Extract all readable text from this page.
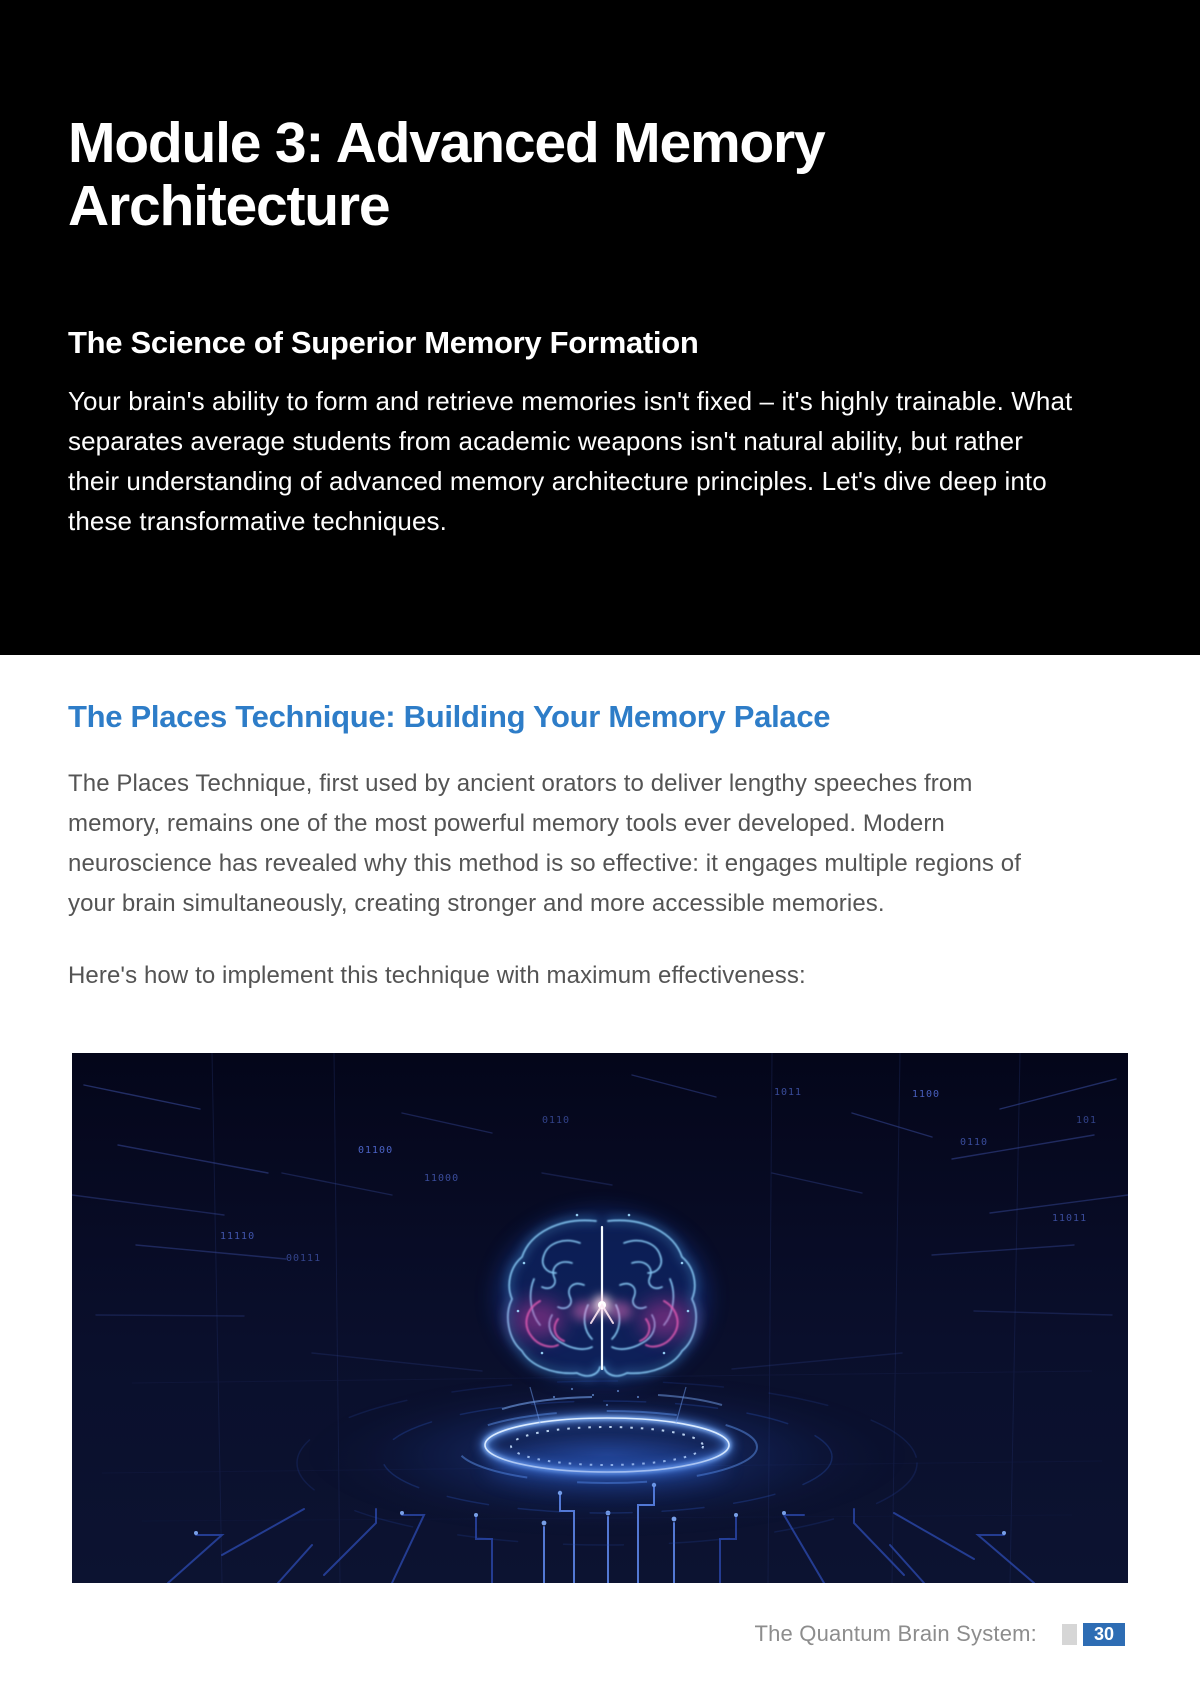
Module 3: Advanced Memory Architecture
The Science of Superior Memory Formation

Your brain's ability to form and retrieve memories isn't fixed – it's highly trainable. What separates average students from academic weapons isn't natural ability, but rather their understanding of advanced memory architecture principles. Let's dive deep into these transformative techniques.

The Places Technique: Building Your Memory Palace

The Places Technique, first used by ancient orators to deliver lengthy speeches from memory, remains one of the most powerful memory tools ever developed. Modern neuroscience has revealed why this method is so effective: it engages multiple regions of your brain simultaneously, creating stronger and more accessible memories.

Here's how to implement this technique with maximum effectiveness:

01100
11000
0110
1011
11110
00111
1100
0110
101
11011
The Quantum Brain System:	30
